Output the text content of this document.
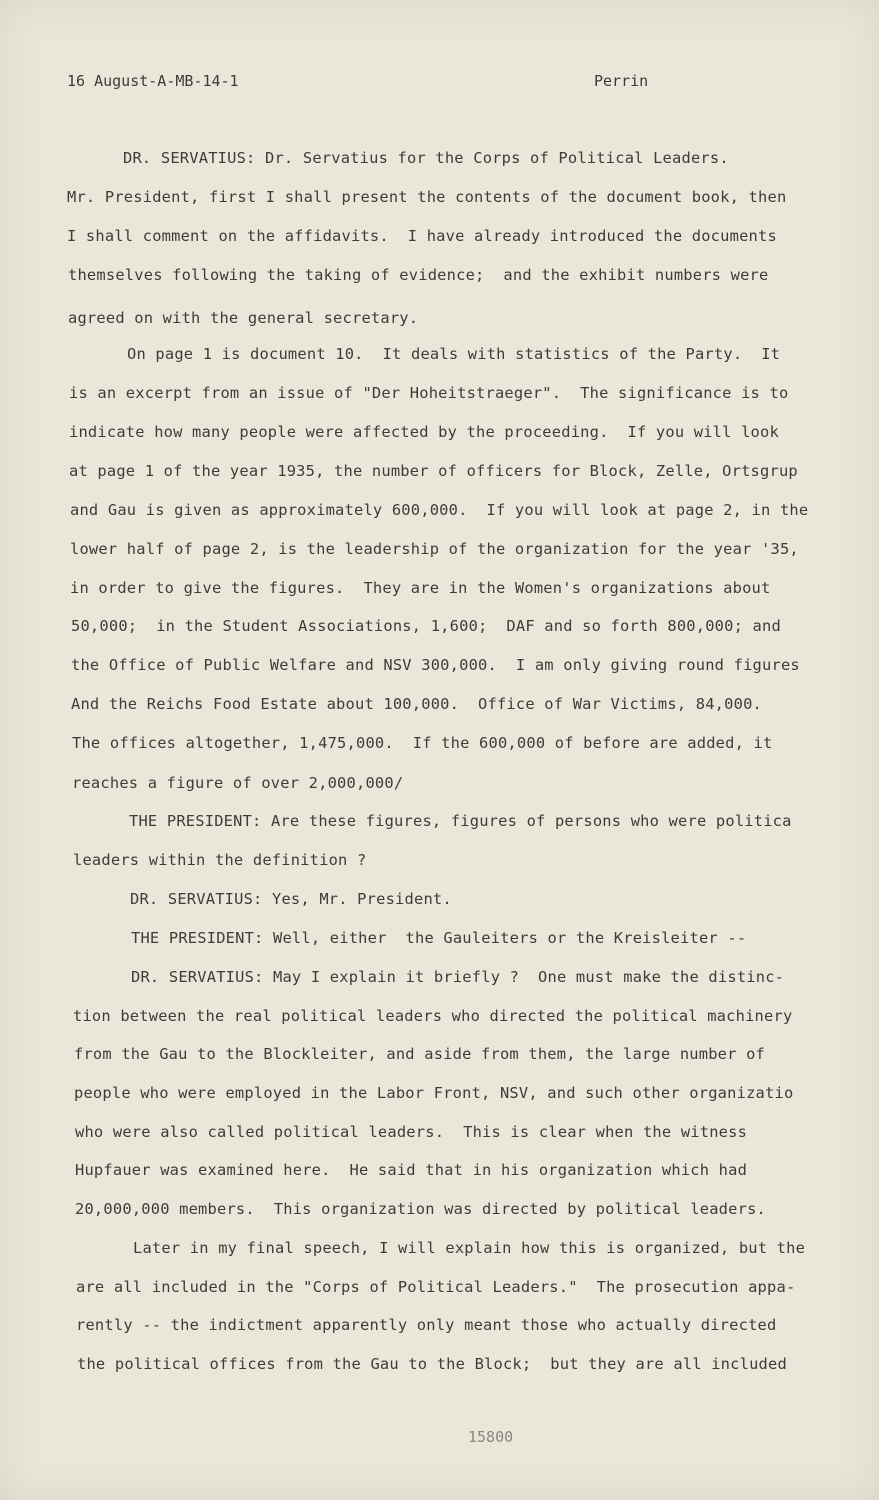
16 August-A-MB-14-1	Perrin
DR. SERVATIUS: Dr. Servatius for the Corps of Political Leaders.
Mr. President, first I shall present the contents of the document book, then
I shall comment on the affidavits.  I have already introduced the documents
themselves following the taking of evidence;  and the exhibit numbers were
agreed on with the general secretary.
On page 1 is document 10.  It deals with statistics of the Party.  It
is an excerpt from an issue of "Der Hoheitstraeger".  The significance is to
indicate how many people were affected by the proceeding.  If you will look
at page 1 of the year 1935, the number of officers for Block, Zelle, Ortsgrup
and Gau is given as approximately 600,000.  If you will look at page 2, in the
lower half of page 2, is the leadership of the organization for the year '35,
in order to give the figures.  They are in the Women's organizations about
50,000;  in the Student Associations, 1,600;  DAF and so forth 800,000; and
the Office of Public Welfare and NSV 300,000.  I am only giving round figures
And the Reichs Food Estate about 100,000.  Office of War Victims, 84,000.
The offices altogether, 1,475,000.  If the 600,000 of before are added, it
reaches a figure of over 2,000,000/
THE PRESIDENT: Are these figures, figures of persons who were politica
leaders within the definition ?
DR. SERVATIUS: Yes, Mr. President.
THE PRESIDENT: Well, either  the Gauleiters or the Kreisleiter --
DR. SERVATIUS: May I explain it briefly ?  One must make the distinc-
tion between the real political leaders who directed the political machinery
from the Gau to the Blockleiter, and aside from them, the large number of
people who were employed in the Labor Front, NSV, and such other organizatio
who were also called political leaders.  This is clear when the witness
Hupfauer was examined here.  He said that in his organization which had
20,000,000 members.  This organization was directed by political leaders.
Later in my final speech, I will explain how this is organized, but the
are all included in the "Corps of Political Leaders."  The prosecution appa-
rently -- the indictment apparently only meant those who actually directed
the political offices from the Gau to the Block;  but they are all included
15800
